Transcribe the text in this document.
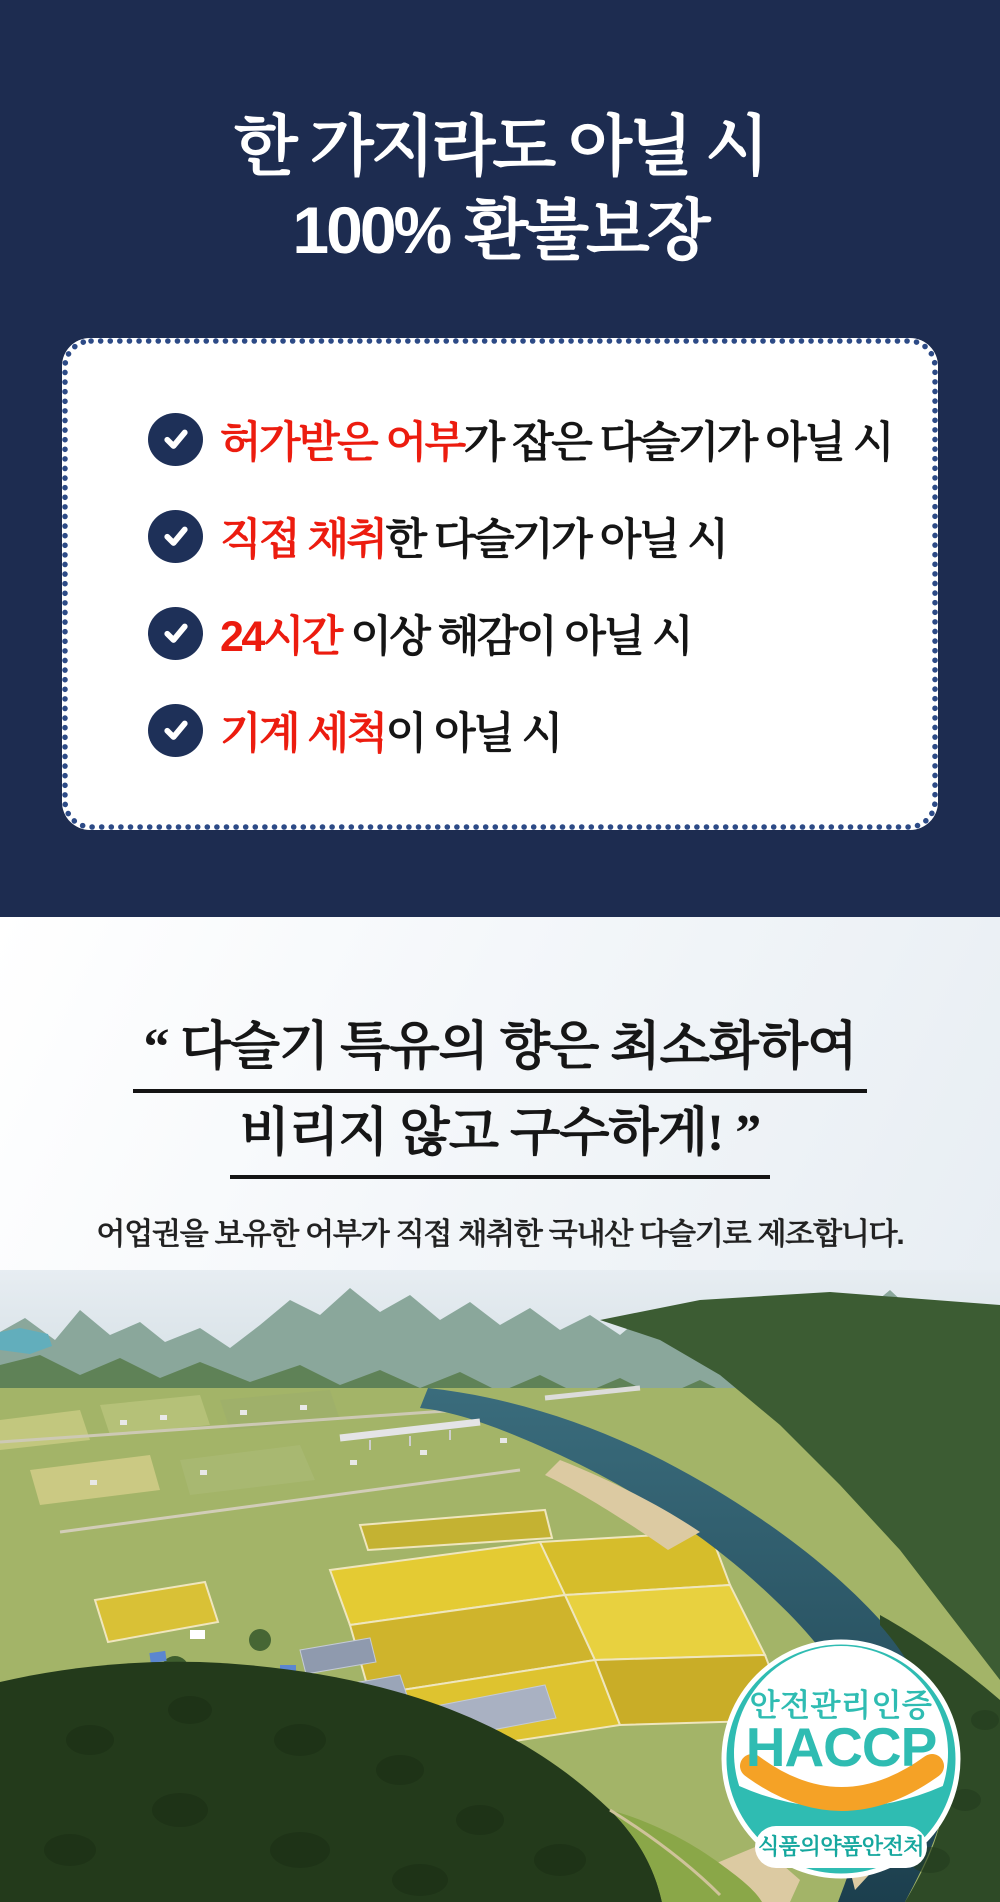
한 가지라도 아닐 시
100% 환불보장
허가받은 어부가 잡은 다슬기가 아닐 시
직접 채취한 다슬기가 아닐 시
24시간 이상 해감이 아닐 시
기계 세척이 아닐 시
“ 다슬기 특유의 향은 최소화하여
비리지 않고 구수하게! ”
어업권을 보유한 어부가 직접 채취한 국내산 다슬기로 제조합니다.
안전관리인증
HACCP
식품의약품안전처
